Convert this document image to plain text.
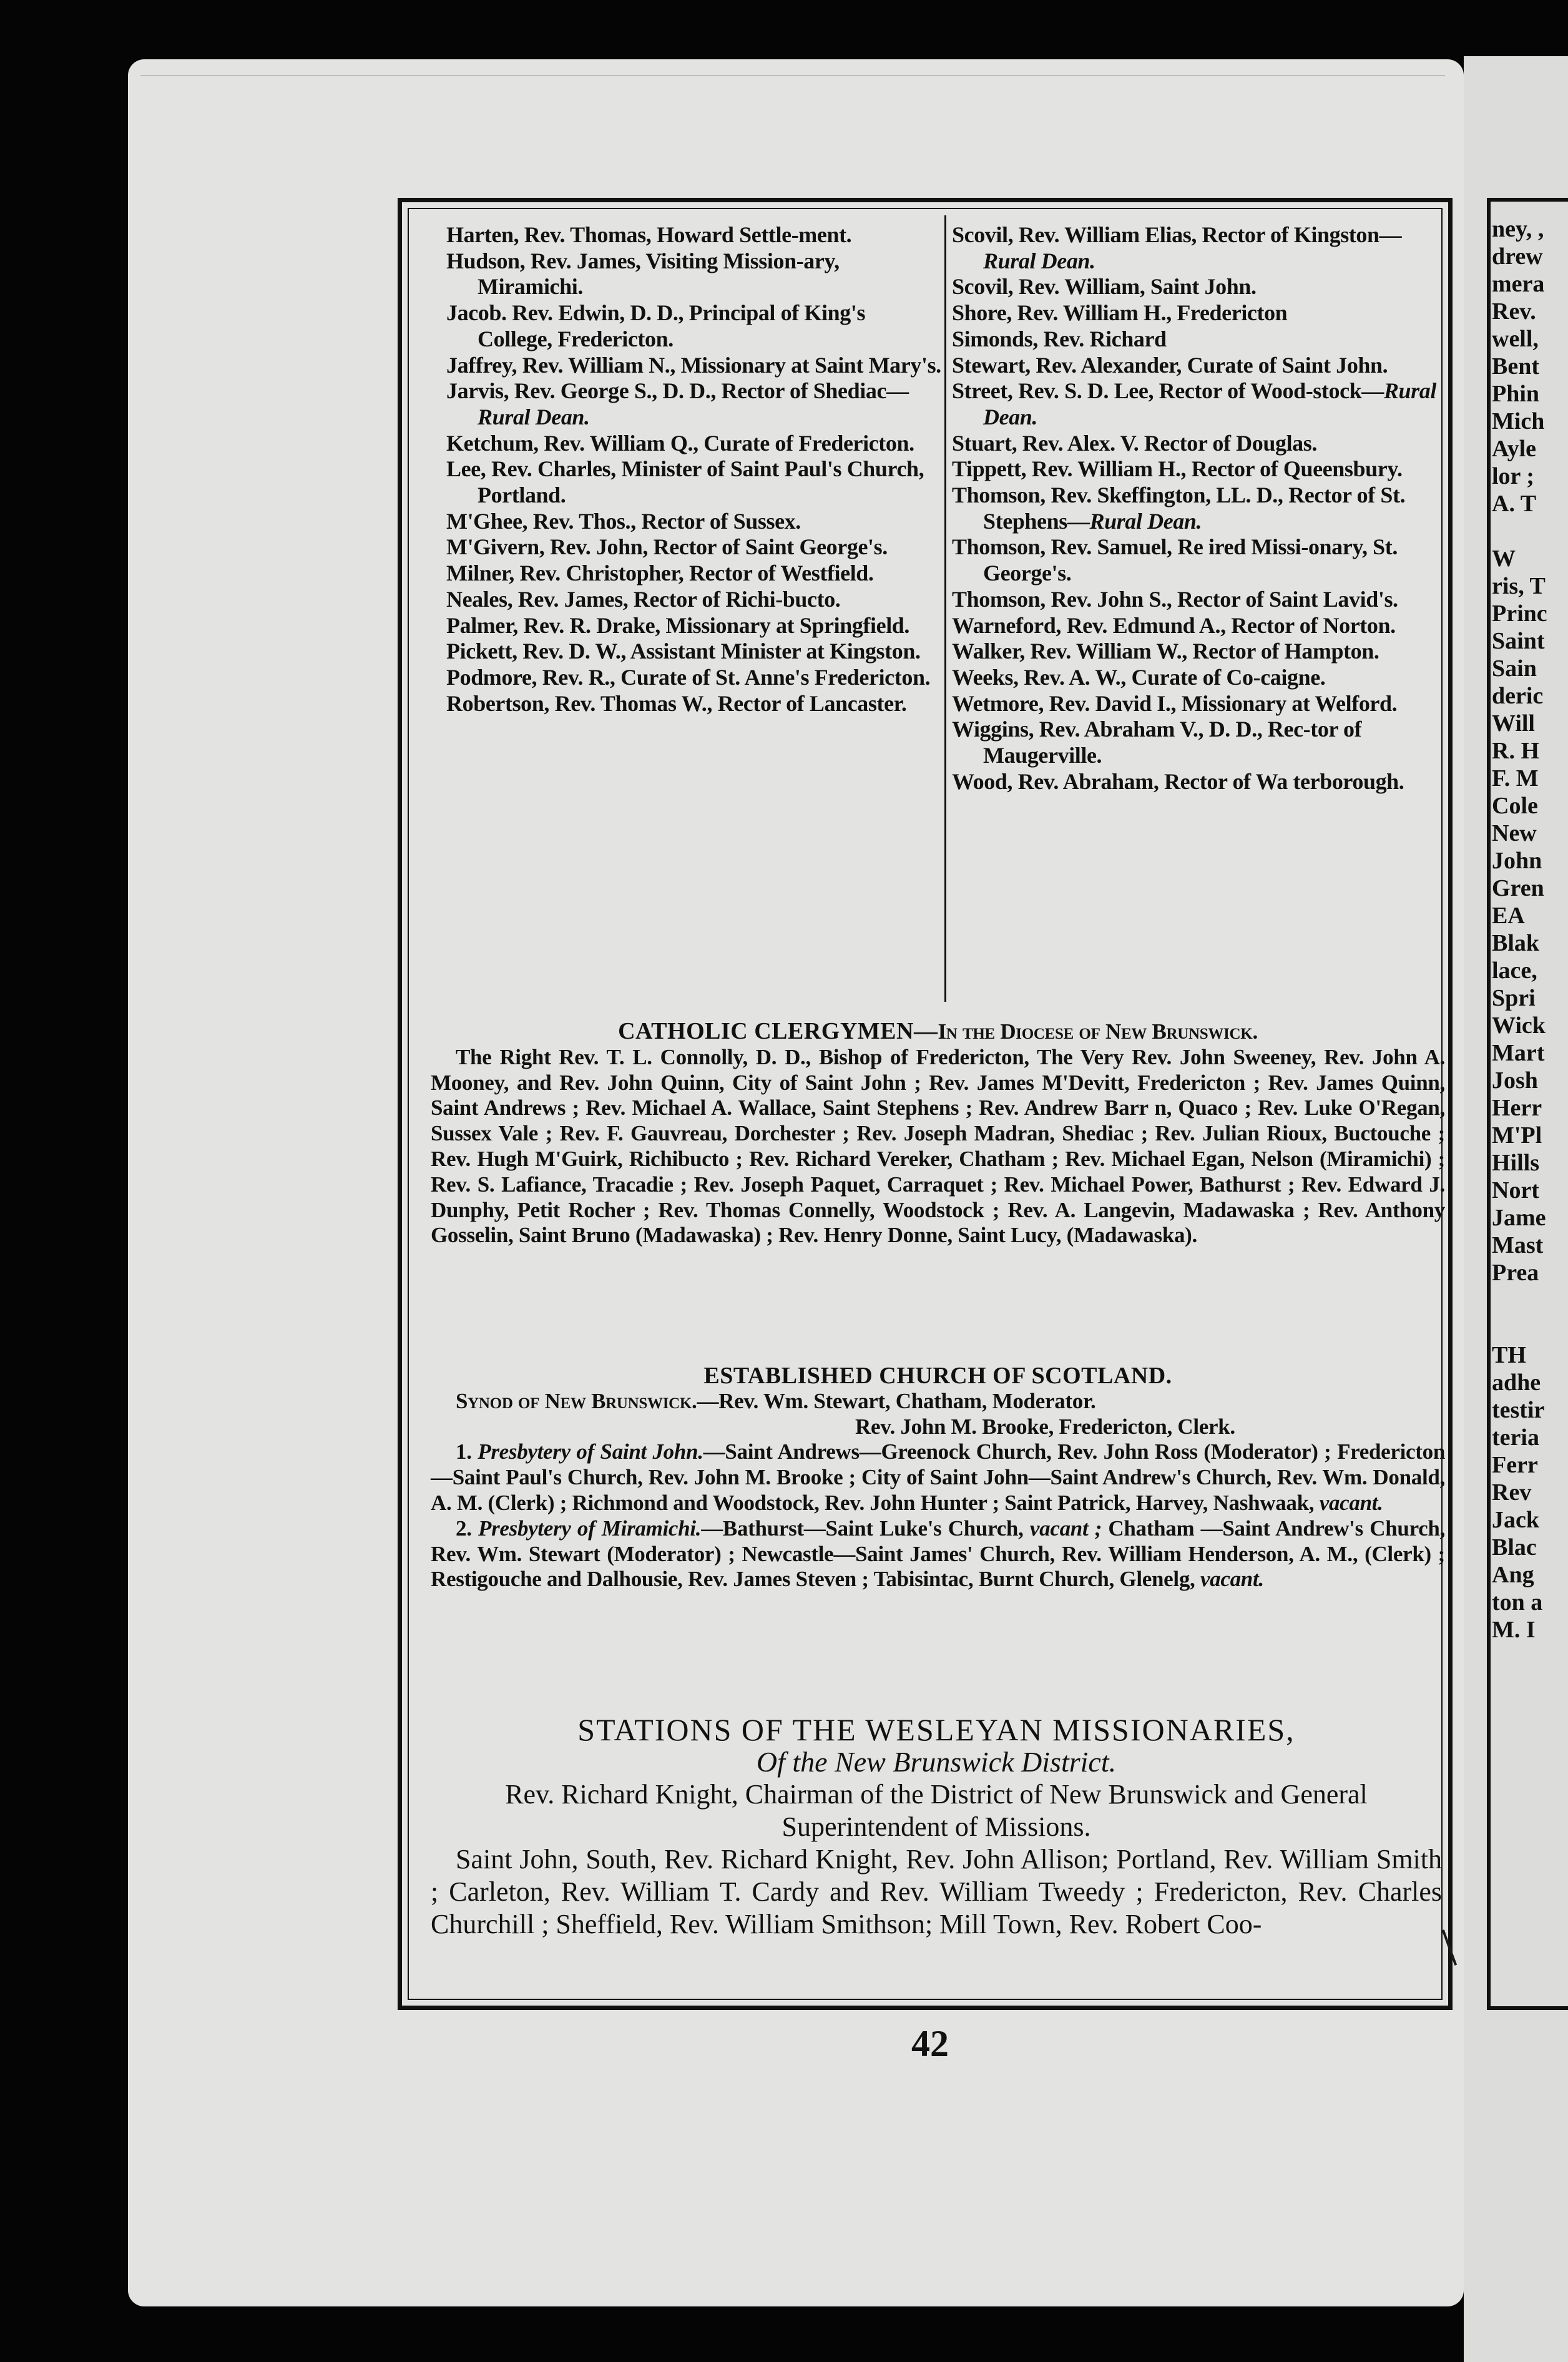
Harten, Rev. Thomas, Howard Settle-ment.

Hudson, Rev. James, Visiting Mission-ary, Miramichi.

Jacob. Rev. Edwin, D. D., Principal of King's College, Fredericton.

Jaffrey, Rev. William N., Missionary at Saint Mary's.

Jarvis, Rev. George S., D. D., Rector of Shediac—Rural Dean.

Ketchum, Rev. William Q., Curate of Fredericton.

Lee, Rev. Charles, Minister of Saint Paul's Church, Portland.

M'Ghee, Rev. Thos., Rector of Sussex.

M'Givern, Rev. John, Rector of Saint George's.

Milner, Rev. Christopher, Rector of Westfield.

Neales, Rev. James, Rector of Richi-bucto.

Palmer, Rev. R. Drake, Missionary at Springfield.

Pickett, Rev. D. W., Assistant Minister at Kingston.

Podmore, Rev. R., Curate of St. Anne's Fredericton.

Robertson, Rev. Thomas W., Rector of Lancaster.

Scovil, Rev. William Elias, Rector of Kingston—Rural Dean.

Scovil, Rev. William, Saint John.

Shore, Rev. William H., Fredericton

Simonds, Rev. Richard

Stewart, Rev. Alexander, Curate of Saint John.

Street, Rev. S. D. Lee, Rector of Wood-stock—Rural Dean.

Stuart, Rev. Alex. V. Rector of Douglas.

Tippett, Rev. William H., Rector of Queensbury.

Thomson, Rev. Skeffington, LL. D., Rector of St. Stephens—Rural Dean.

Thomson, Rev. Samuel, Re ired Missi-onary, St. George's.

Thomson, Rev. John S., Rector of Saint Lavid's.

Warneford, Rev. Edmund A., Rector of Norton.

Walker, Rev. William W., Rector of Hampton.

Weeks, Rev. A. W., Curate of Co-caigne.

Wetmore, Rev. David I., Missionary at Welford.

Wiggins, Rev. Abraham V., D. D., Rec-tor of Maugerville.

Wood, Rev. Abraham, Rector of Wa terborough.

CATHOLIC CLERGYMEN—In the Diocese of New Brunswick.

The Right Rev. T. L. Connolly, D. D., Bishop of Fredericton, The Very Rev. John Sweeney, Rev. John A. Mooney, and Rev. John Quinn, City of Saint John ; Rev. James M'Devitt, Fredericton ; Rev. James Quinn, Saint Andrews ; Rev. Michael A. Wallace, Saint Stephens ; Rev. Andrew Barr n, Quaco ; Rev. Luke O'Regan, Sussex Vale ; Rev. F. Gauvreau, Dorchester ; Rev. Joseph Madran, Shediac ; Rev. Julian Rioux, Buctouche ; Rev. Hugh M'Guirk, Richibucto ; Rev. Richard Vereker, Chatham ; Rev. Michael Egan, Nelson (Miramichi) ; Rev. S. Lafiance, Tracadie ; Rev. Joseph Paquet, Carraquet ; Rev. Michael Power, Bathurst ; Rev. Edward J. Dunphy, Petit Rocher ; Rev. Thomas Connelly, Woodstock ; Rev. A. Langevin, Madawaska ; Rev. Anthony Gosselin, Saint Bruno (Madawaska) ; Rev. Henry Donne, Saint Lucy, (Madawaska).

ESTABLISHED CHURCH OF SCOTLAND.

Synod of New Brunswick.—Rev. Wm. Stewart, Chatham, Moderator.

Rev. John M. Brooke, Fredericton, Clerk.

1. Presbytery of Saint John.—Saint Andrews—Greenock Church, Rev. John Ross (Moderator) ; Fredericton—Saint Paul's Church, Rev. John M. Brooke ; City of Saint John—Saint Andrew's Church, Rev. Wm. Donald, A. M. (Clerk) ; Richmond and Woodstock, Rev. John Hunter ; Saint Patrick, Harvey, Nashwaak, vacant.

2. Presbytery of Miramichi.—Bathurst—Saint Luke's Church, vacant ; Chatham —Saint Andrew's Church, Rev. Wm. Stewart (Moderator) ; Newcastle—Saint James' Church, Rev. William Henderson, A. M., (Clerk) ; Restigouche and Dalhousie, Rev. James Steven ; Tabisintac, Burnt Church, Glenelg, vacant.

STATIONS OF THE WESLEYAN MISSIONARIES,

Of the New Brunswick District.

Rev. Richard Knight, Chairman of the District of New Brunswick and General Superintendent of Missions.

Saint John, South, Rev. Richard Knight, Rev. John Allison; Portland, Rev. William Smith ; Carleton, Rev. William T. Cardy and Rev. William Tweedy ; Fredericton, Rev. Charles Churchill ; Sheffield, Rev. William Smithson; Mill Town, Rev. Robert Coo-

42
ney, ,
drew
mera
Rev.
well,
Bent
Phin
Mich
Ayle
lor ;
A. T

W
ris, T
Princ
Saint
Sain
deric
Will
R. H
F. M
Cole
New
John
Gren
EA
Blak
lace,
Spri
Wick
Mart
Josh
Herr
M'Pl
Hills
Nort
Jame
Mast
Prea

TH
adhe
testir
teria
Ferr
Rev
Jack
Blac
Ang
ton a
M. I
